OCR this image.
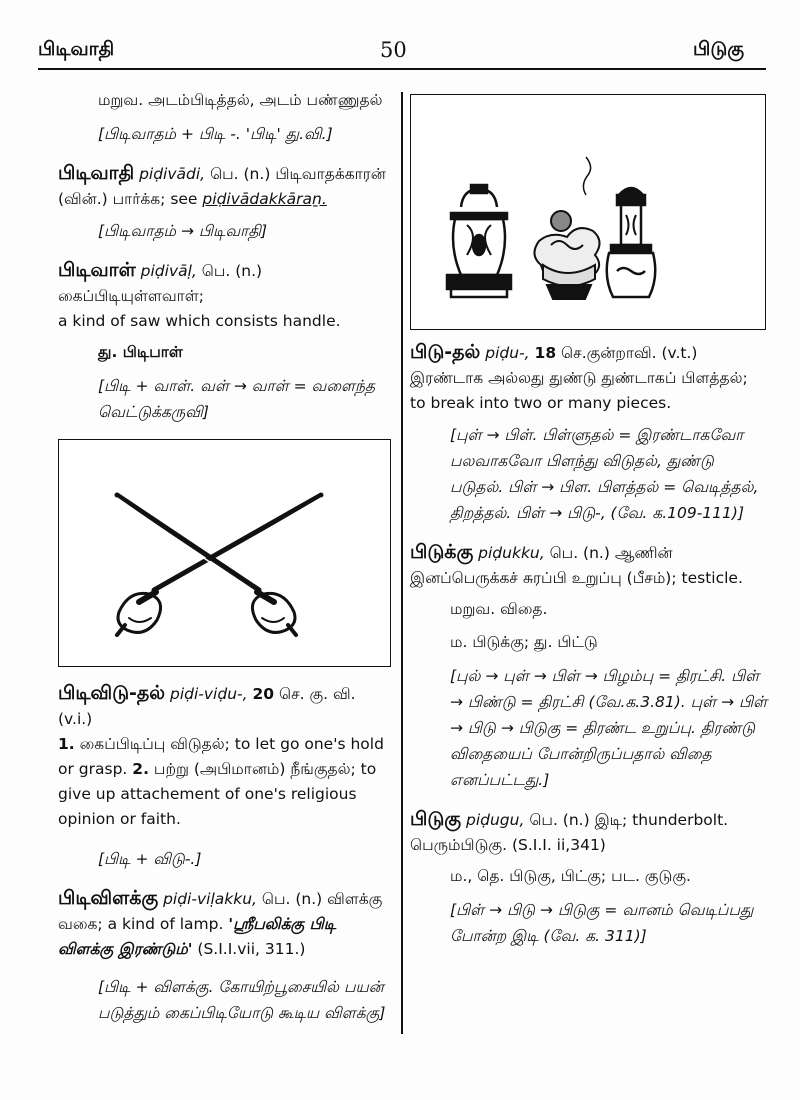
பிடிவாதி	50	பிடுகு
மறுவ. அடம்பிடித்தல், அடம் பண்ணுதல்
[பிடிவாதம் + பிடி -. 'பிடி' து.வி.]
பிடிவாதி piḍivādi, பெ. (n.) பிடிவாதக்காரன்
(வின்.) பார்க்க; see piḍivādakkāraṉ.
[பிடிவாதம் → பிடிவாதி]
பிடிவாள் piḍivāḷ, பெ. (n.) கைப்பிடியுள்ளவாள்;
a kind of saw which consists handle.
து. பிடிபாள்
[பிடி + வாள். வள் → வாள் = வளைந்த வெட்டுக்கருவி]
பிடிவிடு-தல் piḍi-viḍu-, 20 செ. கு. வி. (v.i.)
1. கைப்பிடிப்பு விடுதல்; to let go one's hold or grasp. 2. பற்று (அபிமானம்) நீங்குதல்; to give up attachement of one's religious opinion or faith.
[பிடி + விடு-.]
பிடிவிளக்கு piḍi-viḷakku, பெ. (n.) விளக்கு வகை; a kind of lamp. 'ஸ்ரீபலிக்கு பிடி விளக்கு இரண்டும்' (S.I.I.vii, 311.)
[பிடி + விளக்கு. கோயிற்பூசையில் பயன் படுத்தும் கைப்பிடியோடு கூடிய விளக்கு]
பிடு-தல் piḍu-, 18 செ.குன்றாவி. (v.t.) இரண்டாக அல்லது துண்டு துண்டாகப் பிளத்தல்; to break into two or many pieces.
[புள் → பிள். பிள்ளுதல் = இரண்டாகவோ பலவாகவோ பிளந்து விடுதல், துண்டு படுதல். பிள் → பிள. பிளத்தல் = வெடித்தல், திறத்தல். பிள் → பிடு-, (வே. க.109-111)]
பிடுக்கு piḍukku, பெ. (n.) ஆணின் இனப்பெருக்கச் சுரப்பி உறுப்பு (பீசம்); testicle.
மறுவ. விதை.
ம. பிடுக்கு; து. பிட்டு
[புல் → புள் → பிள் → பிழம்பு = திரட்சி. பிள் → பிண்டு = திரட்சி (வே.க.3.81). புள் → பிள் → பிடு → பிடுகு = திரண்ட உறுப்பு. திரண்டு விதையைப் போன்றிருப்பதால் விதை எனப்பட்டது.]
பிடுகு piḍugu, பெ. (n.) இடி; thunderbolt. பெரும்பிடுகு. (S.I.I. ii,341)
ம., தெ. பிடுகு, பிட்கு; பட. குடுகு.
[பிள் → பிடு → பிடுகு = வானம் வெடிப்பது போன்ற இடி (வே. க. 311)]
